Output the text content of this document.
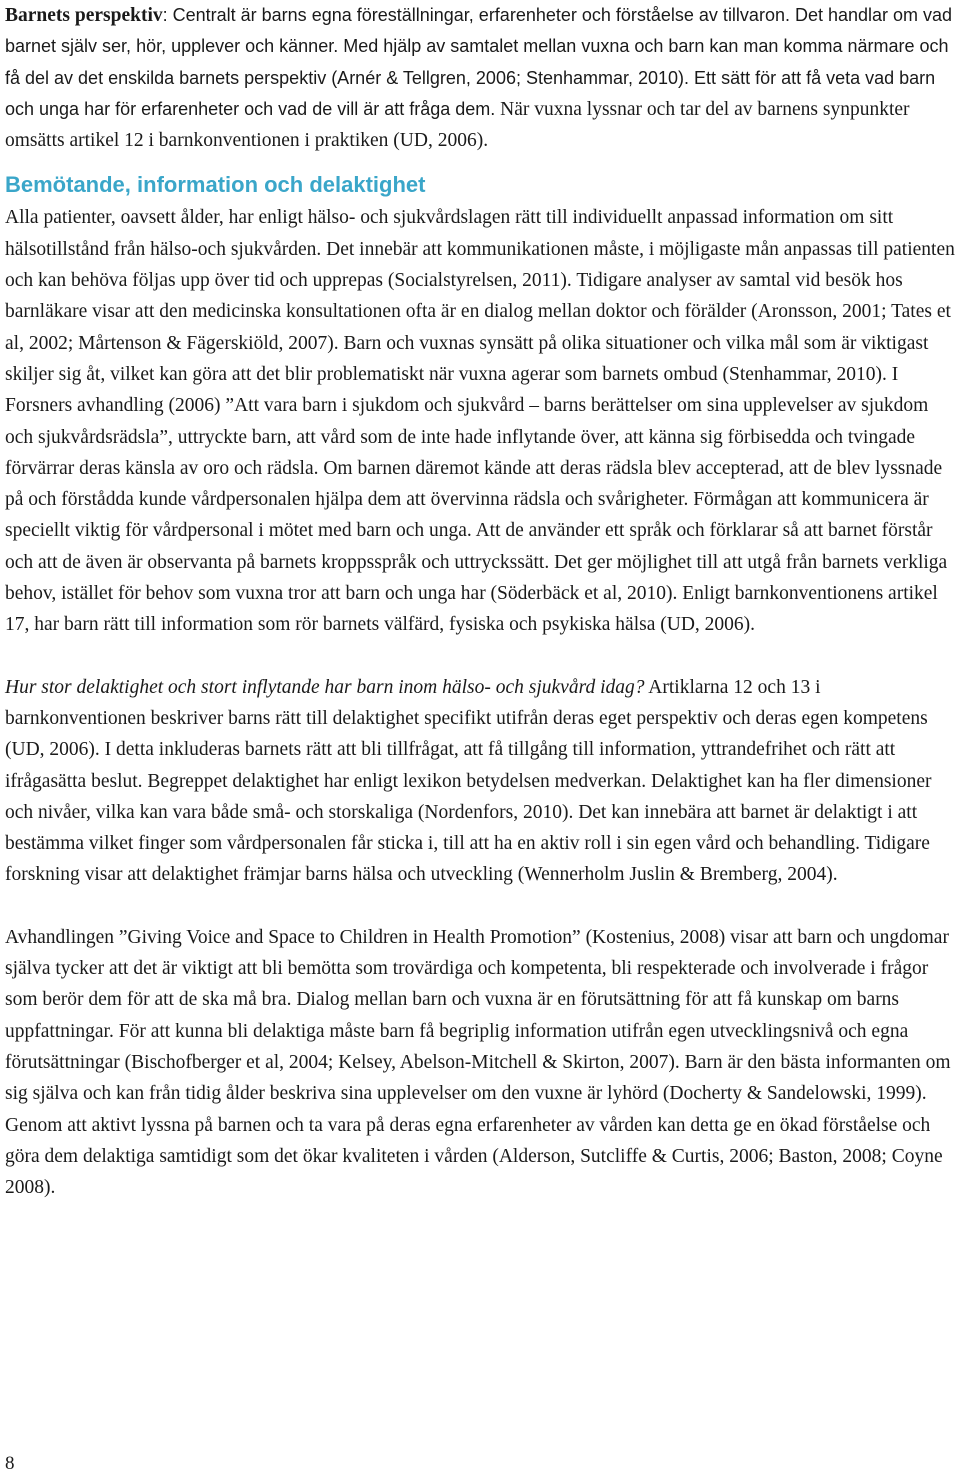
Barnets perspektiv: Centralt är barns egna föreställningar, erfarenheter och förståelse av tillvaron. Det handlar om vad barnet själv ser, hör, upplever och känner. Med hjälp av samtalet mellan vuxna och barn kan man komma närmare och få del av det enskilda barnets perspektiv (Arnér & Tellgren, 2006; Stenhammar, 2010). Ett sätt för att få veta vad barn och unga har för erfarenheter och vad de vill är att fråga dem. När vuxna lyssnar och tar del av barnens synpunkter omsätts artikel 12 i barnkonventionen i praktiken (UD, 2006).

Bemötande, information och delaktighet

Alla patienter, oavsett ålder, har enligt hälso- och sjukvårdslagen rätt till individuellt anpassad information om sitt hälsotillstånd från hälso-och sjukvården. Det innebär att kommunikationen måste, i möjligaste mån anpassas till patienten och kan behöva följas upp över tid och upprepas (Socialstyrelsen, 2011). Tidigare analyser av samtal vid besök hos barnläkare visar att den medicinska konsultationen ofta är en dialog mellan doktor och förälder (Aronsson, 2001; Tates et al, 2002; Mårtenson & Fägerskiöld, 2007). Barn och vuxnas synsätt på olika situationer och vilka mål som är viktigast skiljer sig åt, vilket kan göra att det blir problematiskt när vuxna agerar som barnets ombud (Stenhammar, 2010). I Forsners avhandling (2006) ”Att vara barn i sjukdom och sjukvård – barns berättelser om sina upplevelser av sjukdom och sjukvårdsrädsla”, uttryckte barn, att vård som de inte hade inflytande över, att känna sig förbisedda och tvingade förvärrar deras känsla av oro och rädsla. Om barnen däremot kände att deras rädsla blev accepterad, att de blev lyssnade på och förstådda kunde vårdpersonalen hjälpa dem att övervinna rädsla och svårigheter. Förmågan att kommunicera är speciellt viktig för vårdpersonal i mötet med barn och unga. Att de använder ett språk och förklarar så att barnet förstår och att de även är observanta på barnets kroppsspråk och uttryckssätt. Det ger möjlighet till att utgå från barnets verkliga behov, istället för behov som vuxna tror att barn och unga har (Söderbäck et al, 2010). Enligt barnkonventionens artikel 17, har barn rätt till information som rör barnets välfärd, fysiska och psykiska hälsa (UD, 2006).

Hur stor delaktighet och stort inflytande har barn inom hälso- och sjukvård idag? Artiklarna 12 och 13 i barnkonventionen beskriver barns rätt till delaktighet specifikt utifrån deras eget perspektiv och deras egen kompetens (UD, 2006). I detta inkluderas barnets rätt att bli tillfrågat, att få tillgång till information, yttrandefrihet och rätt att ifrågasätta beslut. Begreppet delaktighet har enligt lexikon betydelsen medverkan. Delaktighet kan ha fler dimensioner och nivåer, vilka kan vara både små- och storskaliga (Nordenfors, 2010). Det kan innebära att barnet är delaktigt i att bestämma vilket finger som vårdpersonalen får sticka i, till att ha en aktiv roll i sin egen vård och behandling. Tidigare forskning visar att delaktighet främjar barns hälsa och utveckling (Wennerholm Juslin & Bremberg, 2004).

Avhandlingen ”Giving Voice and Space to Children in Health Promotion” (Kostenius, 2008) visar att barn och ungdomar själva tycker att det är viktigt att bli bemötta som trovärdiga och kompetenta, bli respekterade och involverade i frågor som berör dem för att de ska må bra. Dialog mellan barn och vuxna är en förutsättning för att få kunskap om barns uppfattningar. För att kunna bli delaktiga måste barn få begriplig information utifrån egen utvecklingsnivå och egna förutsättningar (Bischofberger et al, 2004; Kelsey, Abelson-Mitchell & Skirton, 2007). Barn är den bästa informanten om sig själva och kan från tidig ålder beskriva sina upplevelser om den vuxne är lyhörd (Docherty & Sandelowski, 1999). Genom att aktivt lyssna på barnen och ta vara på deras egna erfarenheter av vården kan detta ge en ökad förståelse och göra dem delaktiga samtidigt som det ökar kvaliteten i vården (Alderson, Sutcliffe & Curtis, 2006; Baston, 2008; Coyne 2008).

8
